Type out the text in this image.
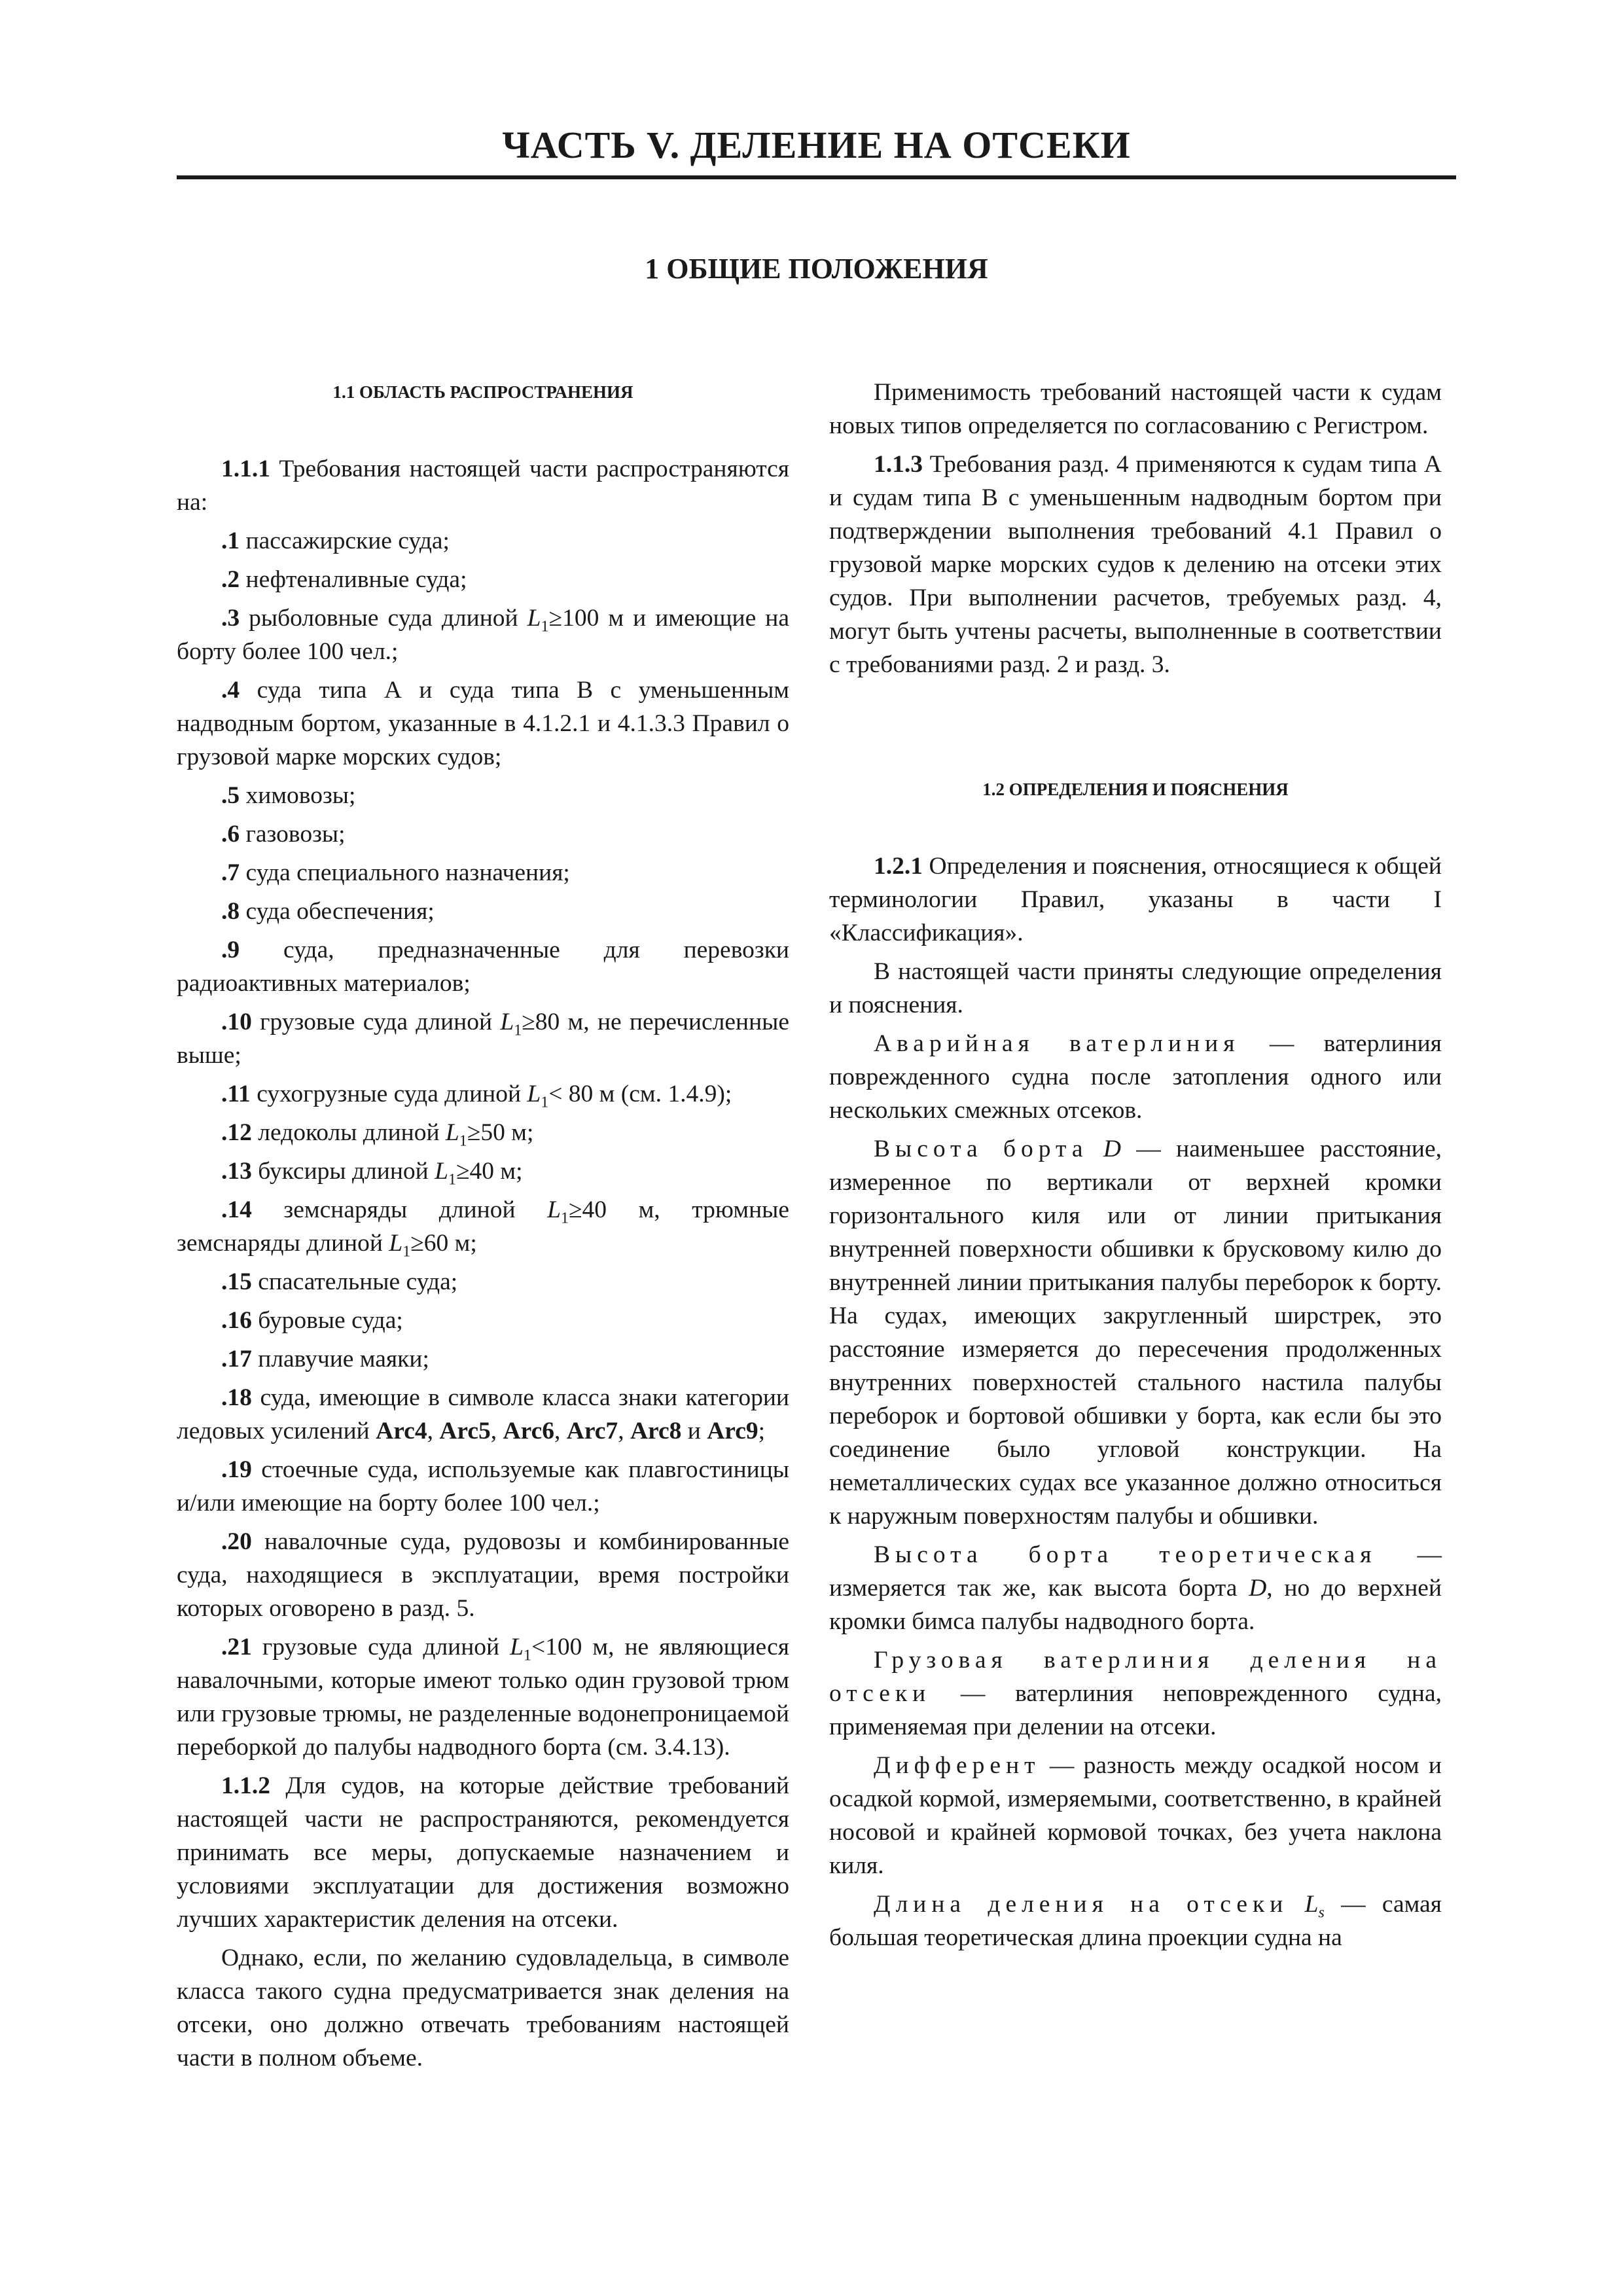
ЧАСТЬ V. ДЕЛЕНИЕ НА ОТСЕКИ
1 ОБЩИЕ ПОЛОЖЕНИЯ
1.1 ОБЛАСТЬ РАСПРОСТРАНЕНИЯ

1.1.1 Требования настоящей части распространяются на:

.1 пассажирские суда;

.2 нефтеналивные суда;

.3 рыболовные суда длиной $L_1\ge 100$ м и имеющие на борту более 100 чел.;

.4 суда типа А и суда типа В с уменьшенным надводным бортом, указанные в 4.1.2.1 и 4.1.3.3 Правил о грузовой марке морских судов;

.5 химовозы;

.6 газовозы;

.7 суда специального назначения;

.8 суда обеспечения;

.9 суда, предназначенные для перевозки радиоактивных материалов;

.10 грузовые суда длиной $L_1\ge 80$ м, не перечисленные выше;

.11 сухогрузные суда длиной $L_1< 80$ м (см. 1.4.9);

.12 ледоколы длиной $L_1\ge 50$ м;

.13 буксиры длиной $L_1\ge 40$ м;

.14 земснаряды длиной $L_1\ge 40$ м, трюмные земснаряды длиной $L_1\ge 60$ м;

.15 спасательные суда;

.16 буровые суда;

.17 плавучие маяки;

.18 суда, имеющие в символе класса знаки категории ледовых усилений Arc4, Arc5, Arc6, Arc7, Arc8 и Arc9;

.19 стоечные суда, используемые как плавгостиницы и/или имеющие на борту более 100 чел.;

.20 навалочные суда, рудовозы и комбинированные суда, находящиеся в эксплуатации, время постройки которых оговорено в разд. 5.

.21 грузовые суда длиной $L_1<100$ м, не являющиеся навалочными, которые имеют только один грузовой трюм или грузовые трюмы, не разделенные водонепроницаемой переборкой до палубы надводного борта (см. 3.4.13).

1.1.2 Для судов, на которые действие требований настоящей части не распространяются, рекомендуется принимать все меры, допускаемые назначением и условиями эксплуатации для достижения возможно лучших характеристик деления на отсеки.

Однако, если, по желанию судовладельца, в символе класса такого судна предусматривается знак деления на отсеки, оно должно отвечать требованиям настоящей части в полном объеме.

Применимость требований настоящей части к судам новых типов определяется по согласованию с Регистром.

1.1.3 Требования разд. 4 применяются к судам типа А и судам типа В с уменьшенным надводным бортом при подтверждении выполнения требований 4.1 Правил о грузовой марке морских судов к делению на отсеки этих судов. При выполнении расчетов, требуемых разд. 4, могут быть учтены расчеты, выполненные в соответствии с требованиями разд. 2 и разд. 3.

1.2 ОПРЕДЕЛЕНИЯ И ПОЯСНЕНИЯ

1.2.1 Определения и пояснения, относящиеся к общей терминологии Правил, указаны в части I «Классификация».

В настоящей части приняты следующие определения и пояснения.

Аварийная ватерлиния — ватерлиния поврежденного судна после затопления одного или нескольких смежных отсеков.

Высота борта D — наименьшее расстояние, измеренное по вертикали от верхней кромки горизонтального киля или от линии притыкания внутренней поверхности обшивки к брусковому килю до внутренней линии притыкания палубы переборок к борту. На судах, имеющих закругленный ширстрек, это расстояние измеряется до пересечения продолженных внутренних поверхностей стального настила палубы переборок и бортовой обшивки у борта, как если бы это соединение было угловой конструкции. На неметаллических судах все указанное должно относиться к наружным поверхностям палубы и обшивки.

Высота борта теоретическая — измеряется так же, как высота борта D, но до верхней кромки бимса палубы надводного борта.

Грузовая ватерлиния деления на отсеки — ватерлиния неповрежденного судна, применяемая при делении на отсеки.

Дифферент — разность между осадкой носом и осадкой кормой, измеряемыми, соответственно, в крайней носовой и крайней кормовой точках, без учета наклона киля.

Длина деления на отсеки $L_s$ — самая большая теоретическая длина проекции судна на
